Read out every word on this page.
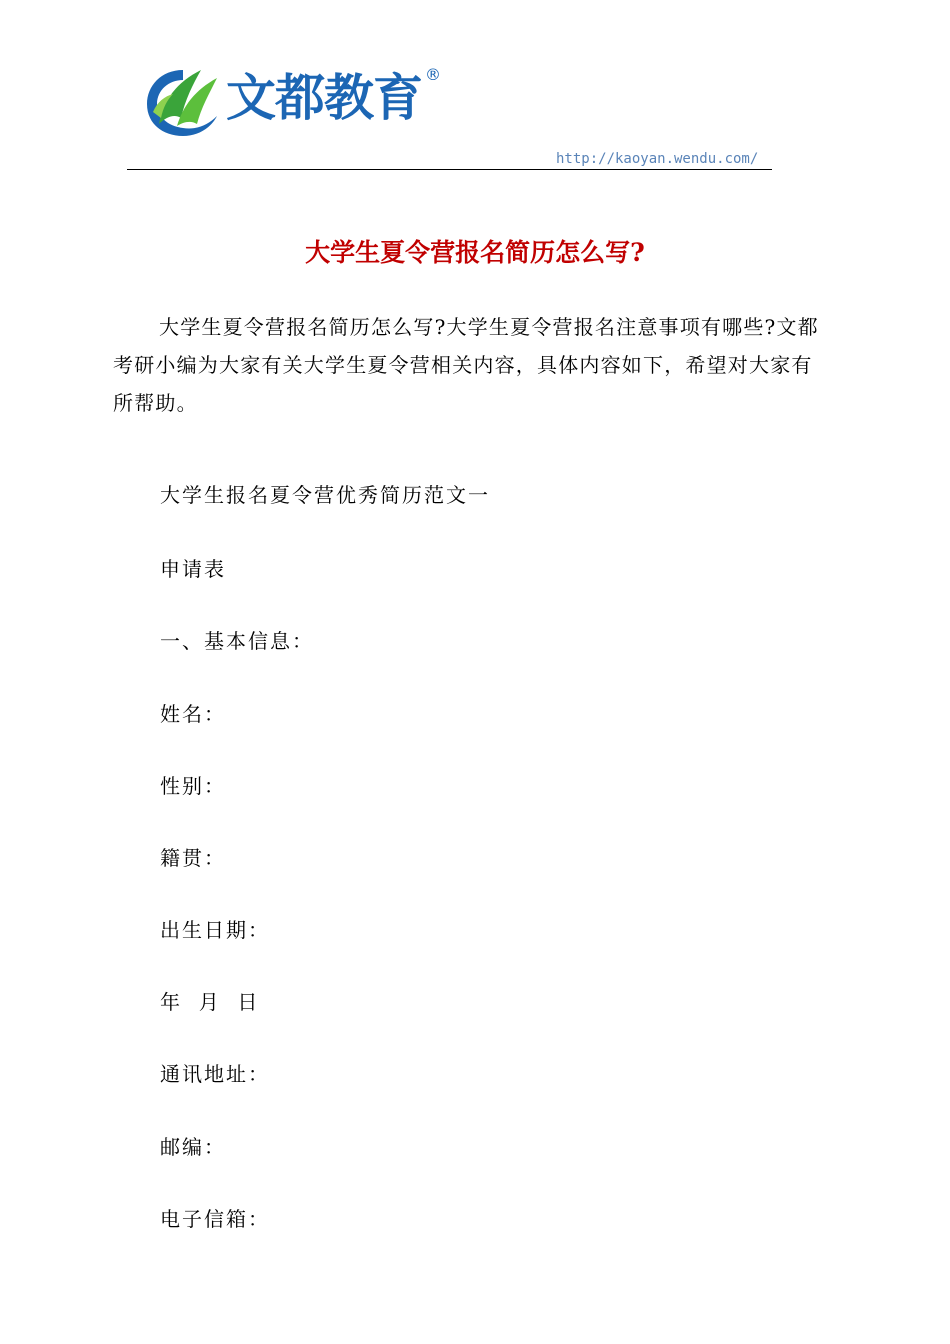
文都教育 ®
http://kaoyan.wendu.com/
大学生夏令营报名简历怎么写?

大学生夏令营报名简历怎么写?大学生夏令营报名注意事项有哪些?文都考研小编为大家有关大学生夏令营相关内容，具体内容如下，希望对大家有所帮助。

大学生报名夏令营优秀简历范文一

申请表

一、基本信息：

姓名：

性别：

籍贯：

出生日期：

年  月  日

通讯地址：

邮编：

电子信箱：
